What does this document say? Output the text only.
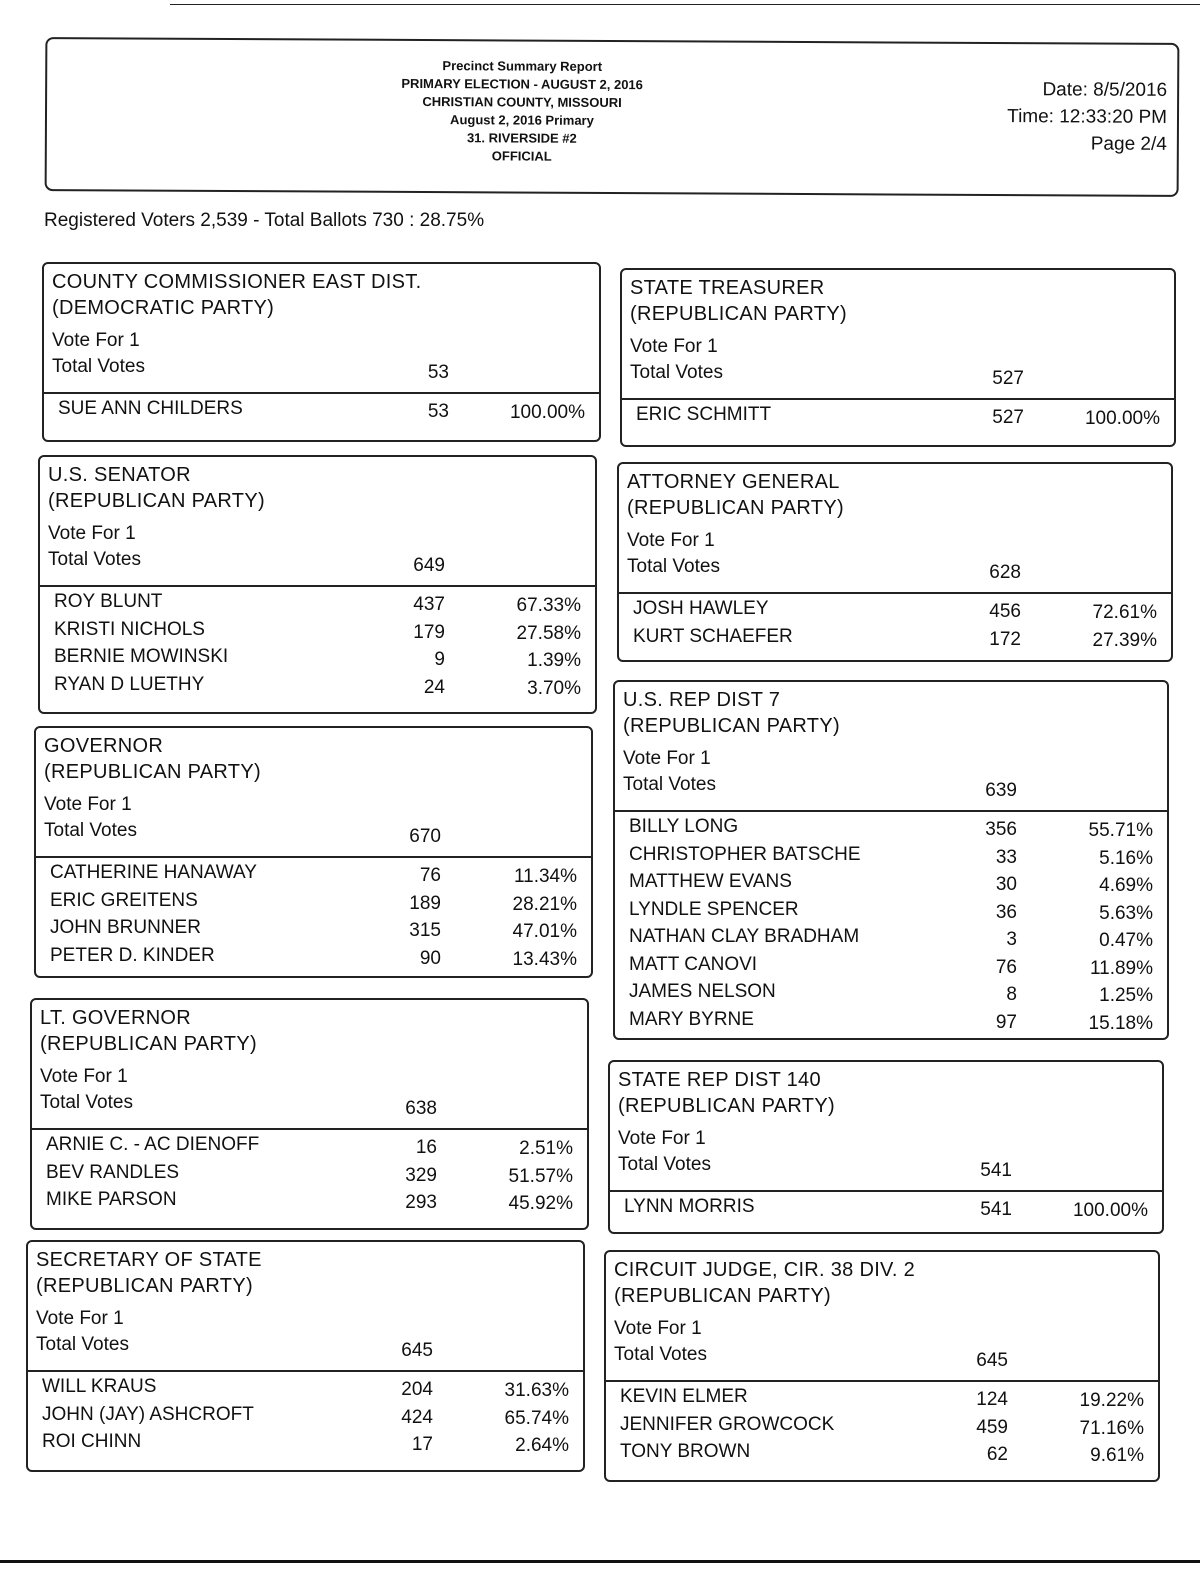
Precinct Summary Report
PRIMARY ELECTION - AUGUST 2, 2016
CHRISTIAN COUNTY, MISSOURI
August 2, 2016 Primary
31. RIVERSIDE #2
OFFICIAL
Date: 8/5/2016
Time: 12:33:20 PM
Page 2/4
Registered Voters 2,539 - Total Ballots 730 : 28.75%
COUNTY COMMISSIONER EAST DIST.
(DEMOCRATIC PARTY)
Vote For 1
Total Votes	53
SUE ANN CHILDERS	53	100.00%
U.S. SENATOR
(REPUBLICAN PARTY)
Vote For 1
Total Votes	649
ROY BLUNT	437	67.33%
KRISTI NICHOLS	179	27.58%
BERNIE MOWINSKI	9	1.39%
RYAN D LUETHY	24	3.70%
GOVERNOR
(REPUBLICAN PARTY)
Vote For 1
Total Votes	670
CATHERINE HANAWAY	76	11.34%
ERIC GREITENS	189	28.21%
JOHN BRUNNER	315	47.01%
PETER D. KINDER	90	13.43%
LT. GOVERNOR
(REPUBLICAN PARTY)
Vote For 1
Total Votes	638
ARNIE C. - AC DIENOFF	16	2.51%
BEV RANDLES	329	51.57%
MIKE PARSON	293	45.92%
SECRETARY OF STATE
(REPUBLICAN PARTY)
Vote For 1
Total Votes	645
WILL KRAUS	204	31.63%
JOHN (JAY) ASHCROFT	424	65.74%
ROI CHINN	17	2.64%
STATE TREASURER
(REPUBLICAN PARTY)
Vote For 1
Total Votes	527
ERIC SCHMITT	527	100.00%
ATTORNEY GENERAL
(REPUBLICAN PARTY)
Vote For 1
Total Votes	628
JOSH HAWLEY	456	72.61%
KURT SCHAEFER	172	27.39%
U.S. REP DIST 7
(REPUBLICAN PARTY)
Vote For 1
Total Votes	639
BILLY LONG	356	55.71%
CHRISTOPHER BATSCHE	33	5.16%
MATTHEW EVANS	30	4.69%
LYNDLE SPENCER	36	5.63%
NATHAN CLAY BRADHAM	3	0.47%
MATT CANOVI	76	11.89%
JAMES NELSON	8	1.25%
MARY BYRNE	97	15.18%
STATE REP DIST 140
(REPUBLICAN PARTY)
Vote For 1
Total Votes	541
LYNN MORRIS	541	100.00%
CIRCUIT JUDGE, CIR. 38 DIV. 2
(REPUBLICAN PARTY)
Vote For 1
Total Votes	645
KEVIN ELMER	124	19.22%
JENNIFER GROWCOCK	459	71.16%
TONY BROWN	62	9.61%
